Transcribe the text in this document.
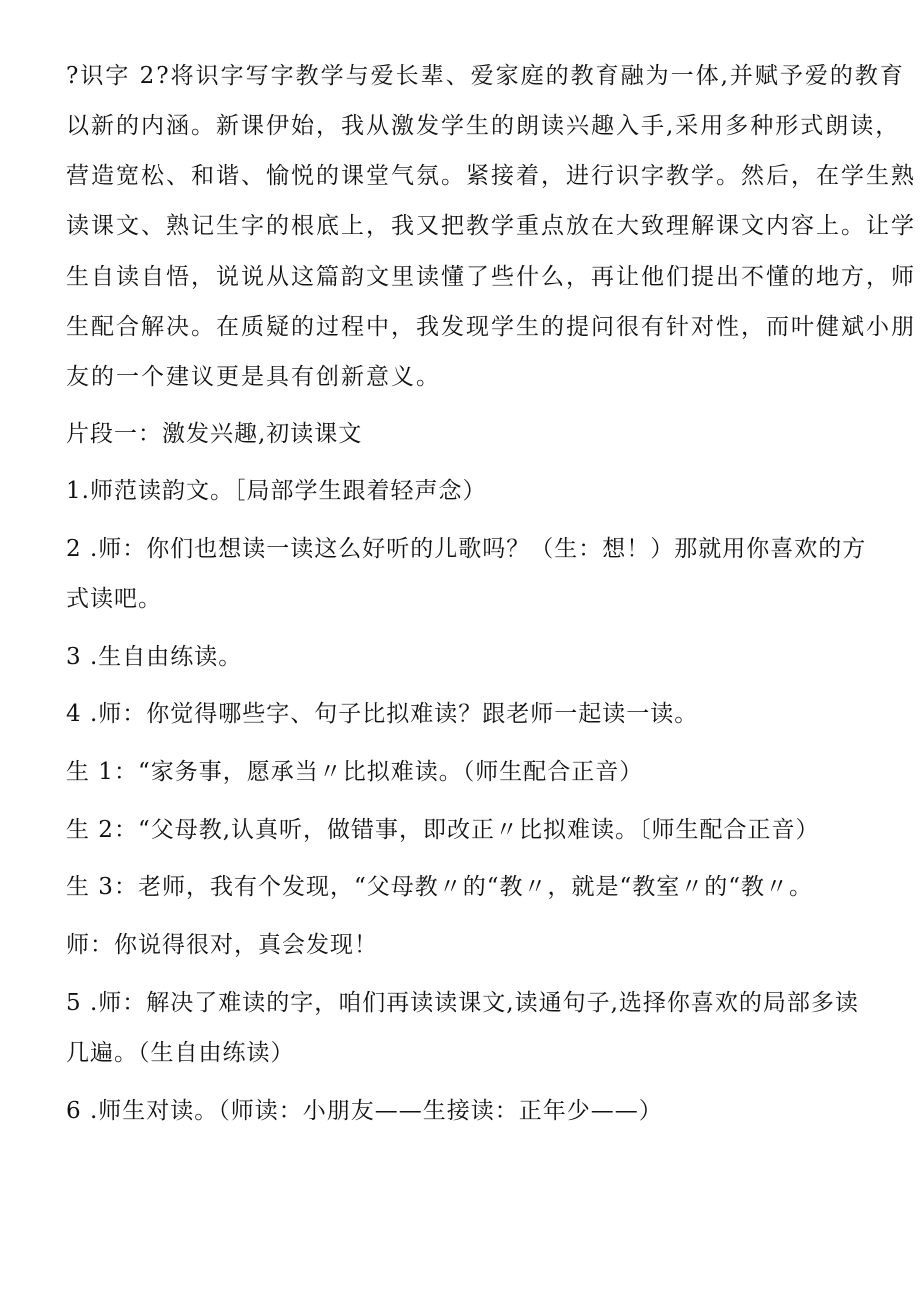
?识字 2?将识字写字教学与爱长辈、爱家庭的教育融为一体,并赋予爱的教育
以新的内涵。新课伊始，我从激发学生的朗读兴趣入手,采用多种形式朗读，
营造宽松、和谐、愉悦的课堂气氛。紧接着，进行识字教学。然后，在学生熟
读课文、熟记生字的根底上，我又把教学重点放在大致理解课文内容上。让学
生自读自悟，说说从这篇韵文里读懂了些什么，再让他们提出不懂的地方，师
生配合解决。在质疑的过程中，我发现学生的提问很有针对性，而叶健斌小朋
友的一个建议更是具有创新意义。
片段一：激发兴趣,初读课文
1.师范读韵文。［局部学生跟着轻声念）
2 .师：你们也想读一读这么好听的儿歌吗？（生：想！）那就用你喜欢的方
式读吧。
3 .生自由练读。
4 .师：你觉得哪些字、句子比拟难读？跟老师一起读一读。
生 1：“家务事，愿承当〃比拟难读。（师生配合正音）
生 2：“父母教,认真听，做错事，即改正〃比拟难读。〔师生配合正音）
生 3：老师，我有个发现，“父母教〃的“教〃，就是“教室〃的“教〃。
师：你说得很对，真会发现！
5 .师：解决了难读的字，咱们再读读课文,读通句子,选择你喜欢的局部多读
几遍。（生自由练读）
6 .师生对读。（师读：小朋友——生接读：正年少——）
